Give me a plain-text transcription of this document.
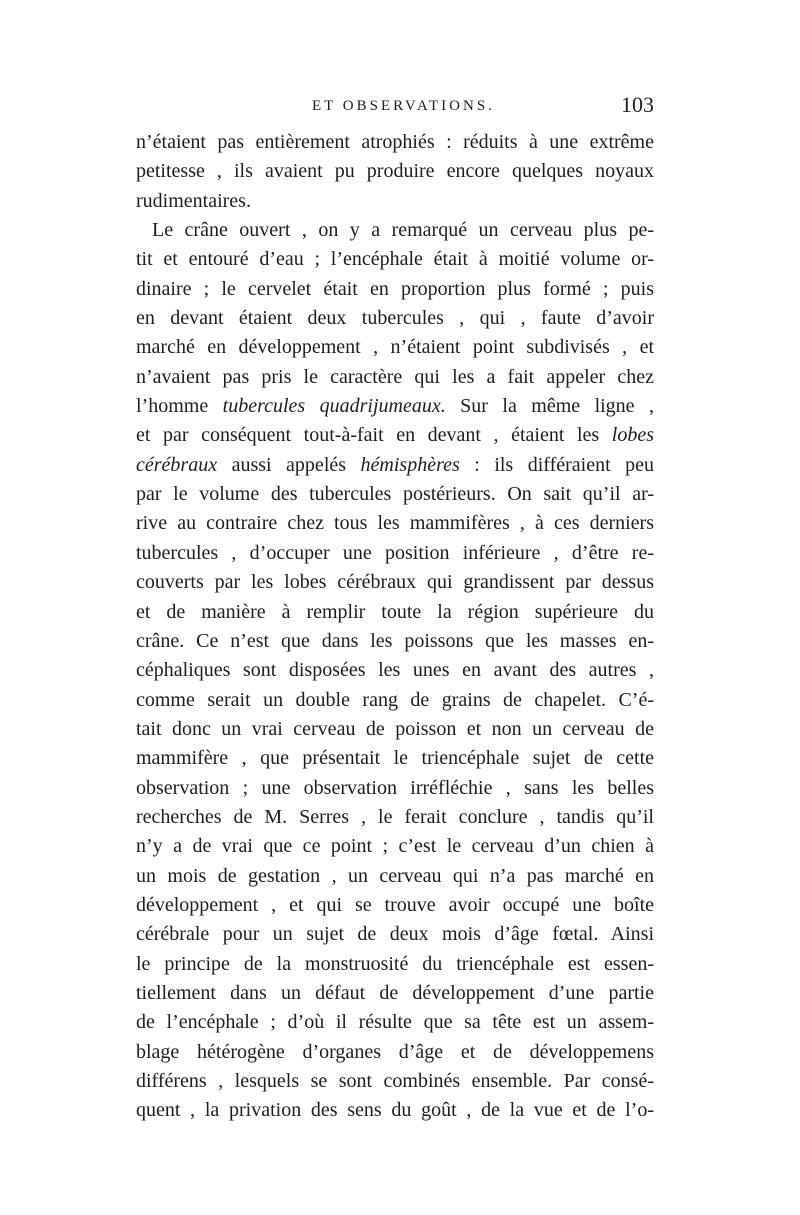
ET OBSERVATIONS.	103
n’étaient pas entièrement atrophiés : réduits à une extrême
petitesse , ils avaient pu produire encore quelques noyaux
rudimentaires.
Le crâne ouvert , on y a remarqué un cerveau plus pe-
tit et entouré d’eau ; l’encéphale était à moitié volume or-
dinaire ; le cervelet était en proportion plus formé ; puis
en devant étaient deux tubercules , qui , faute d’avoir
marché en développement , n’étaient point subdivisés , et
n’avaient pas pris le caractère qui les a fait appeler chez
l’homme tubercules quadrijumeaux. Sur la même ligne ,
et par conséquent tout-à-fait en devant , étaient les lobes
cérébraux aussi appelés hémisphères : ils différaient peu
par le volume des tubercules postérieurs. On sait qu’il ar-
rive au contraire chez tous les mammifères , à ces derniers
tubercules , d’occuper une position inférieure , d’être re-
couverts par les lobes cérébraux qui grandissent par dessus
et de manière à remplir toute la région supérieure du
crâne. Ce n’est que dans les poissons que les masses en-
céphaliques sont disposées les unes en avant des autres ,
comme serait un double rang de grains de chapelet. C’é-
tait donc un vrai cerveau de poisson et non un cerveau de
mammifère , que présentait le triencéphale sujet de cette
observation ; une observation irréfléchie , sans les belles
recherches de M. Serres , le ferait conclure , tandis qu’il
n’y a de vrai que ce point ; c’est le cerveau d’un chien à
un mois de gestation , un cerveau qui n’a pas marché en
développement , et qui se trouve avoir occupé une boîte
cérébrale pour un sujet de deux mois d’âge fœtal. Ainsi
le principe de la monstruosité du triencéphale est essen-
tiellement dans un défaut de développement d’une partie
de l’encéphale ; d’où il résulte que sa tête est un assem-
blage hétérogène d’organes d’âge et de développemens
différens , lesquels se sont combinés ensemble. Par consé-
quent , la privation des sens du goût , de la vue et de l’o-
